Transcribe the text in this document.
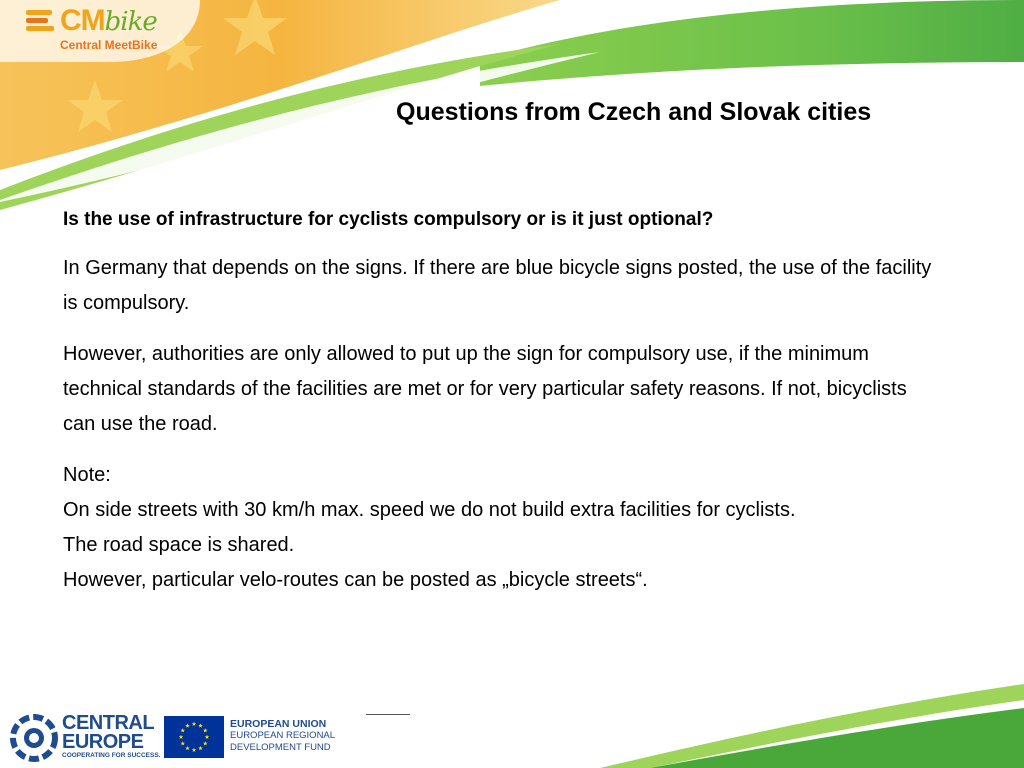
CMbike
Central MeetBike
Questions from Czech and Slovak cities

Is the use of infrastructure for cyclists compulsory or is it just optional?

In Germany that depends on the signs. If there are blue bicycle signs posted, the use of the facility is compulsory.

However, authorities are only allowed to put up the sign for compulsory use, if the minimum technical standards of the facilities are met or for very particular safety reasons. If not, bicyclists can use the road.

Note:
On side streets with 30 km/h max. speed we do not build extra facilities for cyclists.
The road space is shared.
However, particular velo-routes can be posted as „bicycle streets“.
CENTRAL
EUROPE
COOPERATING FOR SUCCESS.
EUROPEAN UNION
EUROPEAN REGIONAL
DEVELOPMENT FUND
